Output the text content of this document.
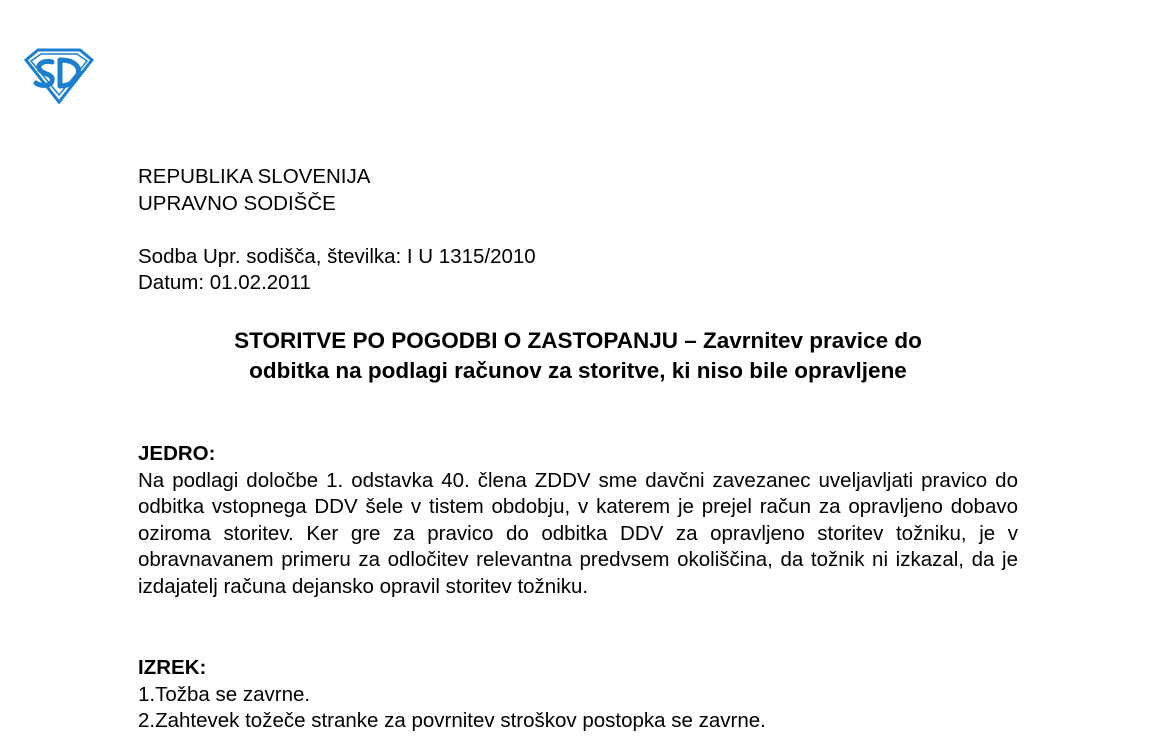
REPUBLIKA SLOVENIJA
UPRAVNO SODIŠČE
Sodba Upr. sodišča, številka: I U 1315/2010
Datum: 01.02.2011
STORITVE PO POGODBI O ZASTOPANJU – Zavrnitev pravice do
odbitka na podlagi računov za storitve, ki niso bile opravljene
JEDRO:
Na podlagi določbe 1. odstavka 40. člena ZDDV sme davčni zavezanec uveljavljati pravico do odbitka vstopnega DDV šele v tistem obdobju, v katerem je prejel račun za opravljeno dobavo oziroma storitev. Ker gre za pravico do odbitka DDV za opravljeno storitev tožniku, je v obravnavanem primeru za odločitev relevantna predvsem okoliščina, da tožnik ni izkazal, da je izdajatelj računa dejansko opravil storitev tožniku.
IZREK:
1.Tožba se zavrne.
2.Zahtevek tožeče stranke za povrnitev stroškov postopka se zavrne.
